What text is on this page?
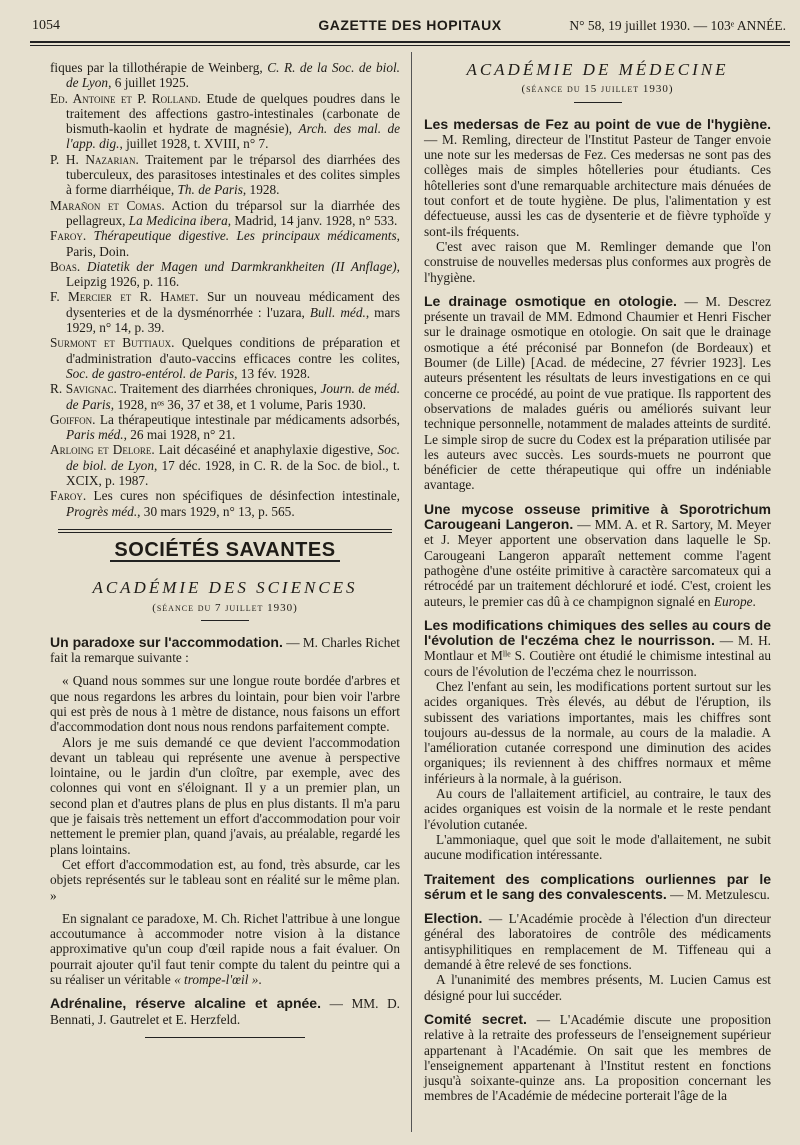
1054	GAZETTE DES HOPITAUX	N° 58, 19 juillet 1930. — 103ᵉ ANNÉE.
fiques par la tillothérapie de Weinberg, C. R. de la Soc. de biol. de Lyon, 6 juillet 1925.
Ed. Antoine et P. Rolland. Etude de quelques poudres dans le traitement des affections gastro-intestinales (carbonate de bismuth-kaolin et hydrate de magnésie), Arch. des mal. de l'app. dig., juillet 1928, t. XVIII, n° 7.
P. H. Nazarian. Traitement par le tréparsol des diarrhées des tuberculeux, des parasitoses intestinales et des colites simples à forme diarrhéique, Th. de Paris, 1928.
Marañon et Comas. Action du tréparsol sur la diarrhée des pellagreux, La Medicina ibera, Madrid, 14 janv. 1928, n° 533.
Faroy. Thérapeutique digestive. Les principaux médicaments, Paris, Doin.
Boas. Diatetik der Magen und Darmkrankheiten (II Anflage), Leipzig 1926, p. 116.
F. Mercier et R. Hamet. Sur un nouveau médicament des dysenteries et de la dysménorrhée : l'uzara, Bull. méd., mars 1929, n° 14, p. 39.
Surmont et Buttiaux. Quelques conditions de préparation et d'administration d'auto-vaccins efficaces contre les colites, Soc. de gastro-entérol. de Paris, 13 fév. 1928.
R. Savignac. Traitement des diarrhées chroniques, Journ. de méd. de Paris, 1928, nᵒˢ 36, 37 et 38, et 1 volume, Paris 1930.
Goiffon. La thérapeutique intestinale par médicaments adsorbés, Paris méd., 26 mai 1928, n° 21.
Arloing et Delore. Lait décaséiné et anaphylaxie digestive, Soc. de biol. de Lyon, 17 déc. 1928, in C. R. de la Soc. de biol., t. XCIX, p. 1987.
Faroy. Les cures non spécifiques de désinfection intestinale, Progrès méd., 30 mars 1929, n° 13, p. 565.
SOCIÉTÉS SAVANTES
ACADÉMIE DES SCIENCES
(séance du 7 juillet 1930)
Un paradoxe sur l'accommodation. — M. Charles Richet fait la remarque suivante :
« Quand nous sommes sur une longue route bordée d'arbres et que nous regardons les arbres du lointain, pour bien voir l'arbre qui est près de nous à 1 mètre de distance, nous faisons un effort d'accommodation dont nous nous rendons parfaitement compte.
Alors je me suis demandé ce que devient l'accommodation devant un tableau qui représente une avenue à perspective lointaine, ou le jardin d'un cloître, par exemple, avec des colonnes qui vont en s'éloignant. Il y a un premier plan, un second plan et d'autres plans de plus en plus distants. Il m'a paru que je faisais très nettement un effort d'accommodation pour voir nettement le premier plan, quand j'avais, au préalable, regardé les plans lointains.
Cet effort d'accommodation est, au fond, très absurde, car les objets représentés sur le tableau sont en réalité sur le même plan. »
En signalant ce paradoxe, M. Ch. Richet l'attribue à une longue accoutumance à accommoder notre vision à la distance approximative qu'un coup d'œil rapide nous a fait évaluer. On pourrait ajouter qu'il faut tenir compte du talent du peintre qui a su réaliser un véritable « trompe-l'œil ».
Adrénaline, réserve alcaline et apnée. — MM. D. Bennati, J. Gautrelet et E. Herzfeld.
ACADÉMIE DE MÉDECINE
(séance du 15 juillet 1930)
Les medersas de Fez au point de vue de l'hygiène. — M. Remling, directeur de l'Institut Pasteur de Tanger envoie une note sur les medersas de Fez. Ces medersas ne sont pas des collèges mais de simples hôtelleries pour étudiants. Ces hôtelleries sont d'une remarquable architecture mais dénuées de tout confort et de toute hygiène. De plus, l'alimentation y est défectueuse, aussi les cas de dysenterie et de fièvre typhoïde y sont-ils fréquents.
C'est avec raison que M. Remlinger demande que l'on construise de nouvelles medersas plus conformes aux progrès de l'hygiène.
Le drainage osmotique en otologie. — M. Descrez présente un travail de MM. Edmond Chaumier et Henri Fischer sur le drainage osmotique en otologie. On sait que le drainage osmotique a été préconisé par Bonnefon (de Bordeaux) et Boumer (de Lille) [Acad. de médecine, 27 février 1923]. Les auteurs présentent les résultats de leurs investigations en ce qui concerne ce procédé, au point de vue pratique. Ils rapportent des observations de malades guéris ou améliorés suivant leur technique personnelle, notamment de malades atteints de surdité. Le simple sirop de sucre du Codex est la préparation utilisée par les auteurs avec succès. Les sourds-muets ne pourront que bénéficier de cette thérapeutique qui offre un indéniable avantage.
Une mycose osseuse primitive à Sporotrichum Carougeani Langeron. — MM. A. et R. Sartory, M. Meyer et J. Meyer apportent une observation dans laquelle le Sp. Carougeani Langeron apparaît nettement comme l'agent pathogène d'une ostéite primitive à caractère sarcomateux qui a rétrocédé par un traitement déchloruré et iodé. C'est, croient les auteurs, le premier cas dû à ce champignon signalé en Europe.
Les modifications chimiques des selles au cours de l'évolution de l'eczéma chez le nourrisson. — M. H. Montlaur et Mˡˡᵉ S. Coutière ont étudié le chimisme intestinal au cours de l'évolution de l'eczéma chez le nourrisson.
Chez l'enfant au sein, les modifications portent surtout sur les acides organiques. Très élevés, au début de l'éruption, ils subissent des variations importantes, mais les chiffres sont toujours au-dessus de la normale, au cours de la maladie. A l'amélioration cutanée correspond une diminution des acides organiques; ils reviennent à des chiffres normaux et même inférieurs à la normale, à la guérison.
Au cours de l'allaitement artificiel, au contraire, le taux des acides organiques est voisin de la normale et le reste pendant l'évolution cutanée.
L'ammoniaque, quel que soit le mode d'allaitement, ne subit aucune modification intéressante.
Traitement des complications ourliennes par le sérum et le sang des convalescents. — M. Metzulescu.
Election. — L'Académie procède à l'élection d'un directeur général des laboratoires de contrôle des médicaments antisyphilitiques en remplacement de M. Tiffeneau qui a demandé à être relevé de ses fonctions.
A l'unanimité des membres présents, M. Lucien Camus est désigné pour lui succéder.
Comité secret. — L'Académie discute une proposition relative à la retraite des professeurs de l'enseignement supérieur appartenant à l'Académie. On sait que les membres de l'enseignement appartenant à l'Institut restent en fonctions jusqu'à soixante-quinze ans. La proposition concernant les membres de l'Académie de médecine porterait l'âge de la
